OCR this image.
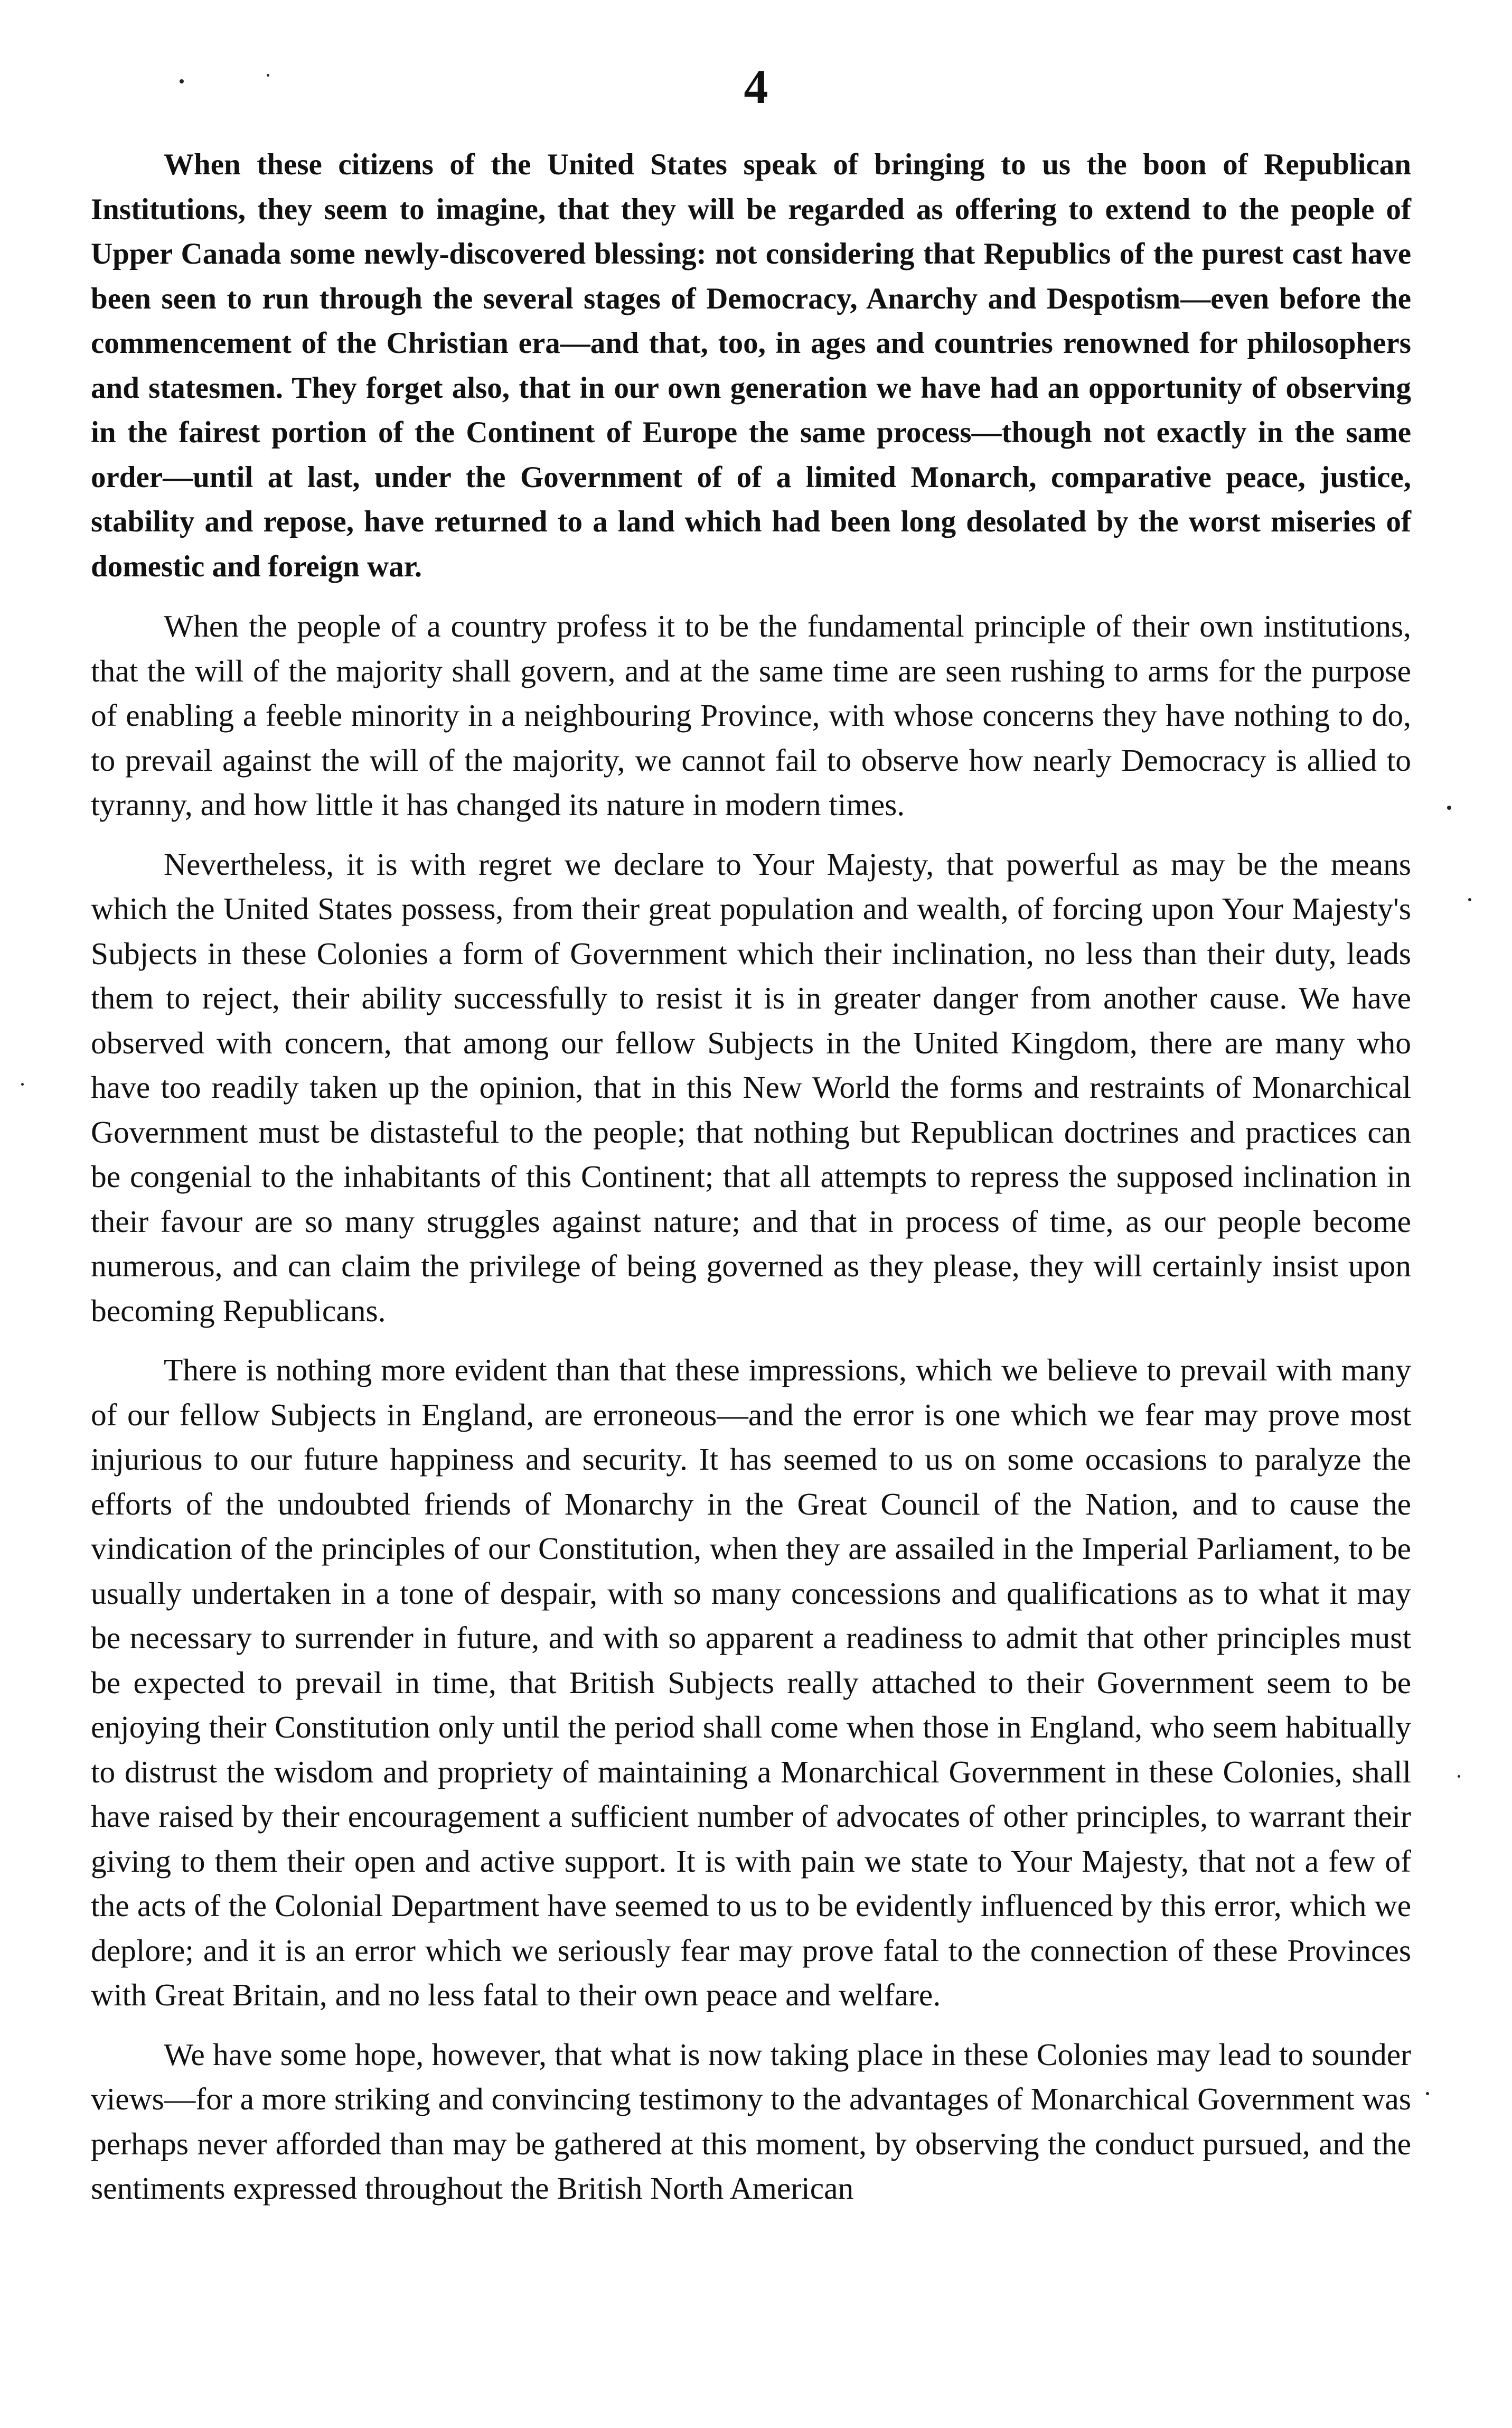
4

When these citizens of the United States speak of bringing to us the boon of Republican Institutions, they seem to imagine, that they will be regarded as offering to extend to the people of Upper Canada some newly-discovered blessing: not considering that Republics of the purest cast have been seen to run through the several stages of Democracy, Anarchy and Despotism—even before the commencement of the Christian era—and that, too, in ages and countries renowned for philosophers and statesmen. They forget also, that in our own generation we have had an opportunity of observing in the fairest portion of the Continent of Europe the same process—though not exactly in the same order—until at last, under the Government of of a limited Monarch, comparative peace, justice, stability and repose, have returned to a land which had been long desolated by the worst miseries of domestic and foreign war.

When the people of a country profess it to be the fundamental principle of their own institutions, that the will of the majority shall govern, and at the same time are seen rushing to arms for the purpose of enabling a feeble minority in a neighbouring Province, with whose concerns they have nothing to do, to prevail against the will of the majority, we cannot fail to observe how nearly Democracy is allied to tyranny, and how little it has changed its nature in modern times.

Nevertheless, it is with regret we declare to Your Majesty, that powerful as may be the means which the United States possess, from their great population and wealth, of forcing upon Your Majesty's Subjects in these Colonies a form of Government which their inclination, no less than their duty, leads them to reject, their ability successfully to resist it is in greater danger from another cause. We have observed with concern, that among our fellow Subjects in the United Kingdom, there are many who have too readily taken up the opinion, that in this New World the forms and restraints of Monarchical Government must be distasteful to the people; that nothing but Republican doctrines and practices can be congenial to the inhabitants of this Continent; that all attempts to repress the supposed inclination in their favour are so many struggles against nature; and that in process of time, as our people become numerous, and can claim the privilege of being governed as they please, they will certainly insist upon becoming Republicans.

There is nothing more evident than that these impressions, which we believe to prevail with many of our fellow Subjects in England, are erroneous—and the error is one which we fear may prove most injurious to our future happiness and security. It has seemed to us on some occasions to paralyze the efforts of the undoubted friends of Monarchy in the Great Council of the Nation, and to cause the vindication of the principles of our Constitution, when they are assailed in the Imperial Parliament, to be usually undertaken in a tone of despair, with so many concessions and qualifications as to what it may be necessary to surrender in future, and with so apparent a readiness to admit that other principles must be expected to prevail in time, that British Subjects really attached to their Government seem to be enjoying their Constitution only until the period shall come when those in England, who seem habitually to distrust the wisdom and propriety of maintaining a Monarchical Government in these Colonies, shall have raised by their encouragement a sufficient number of advocates of other principles, to warrant their giving to them their open and active support. It is with pain we state to Your Majesty, that not a few of the acts of the Colonial Department have seemed to us to be evidently influenced by this error, which we deplore; and it is an error which we seriously fear may prove fatal to the connection of these Provinces with Great Britain, and no less fatal to their own peace and welfare.

We have some hope, however, that what is now taking place in these Colonies may lead to sounder views—for a more striking and convincing testimony to the advantages of Monarchical Government was perhaps never afforded than may be gathered at this moment, by observing the conduct pursued, and the sentiments expressed throughout the British North American
